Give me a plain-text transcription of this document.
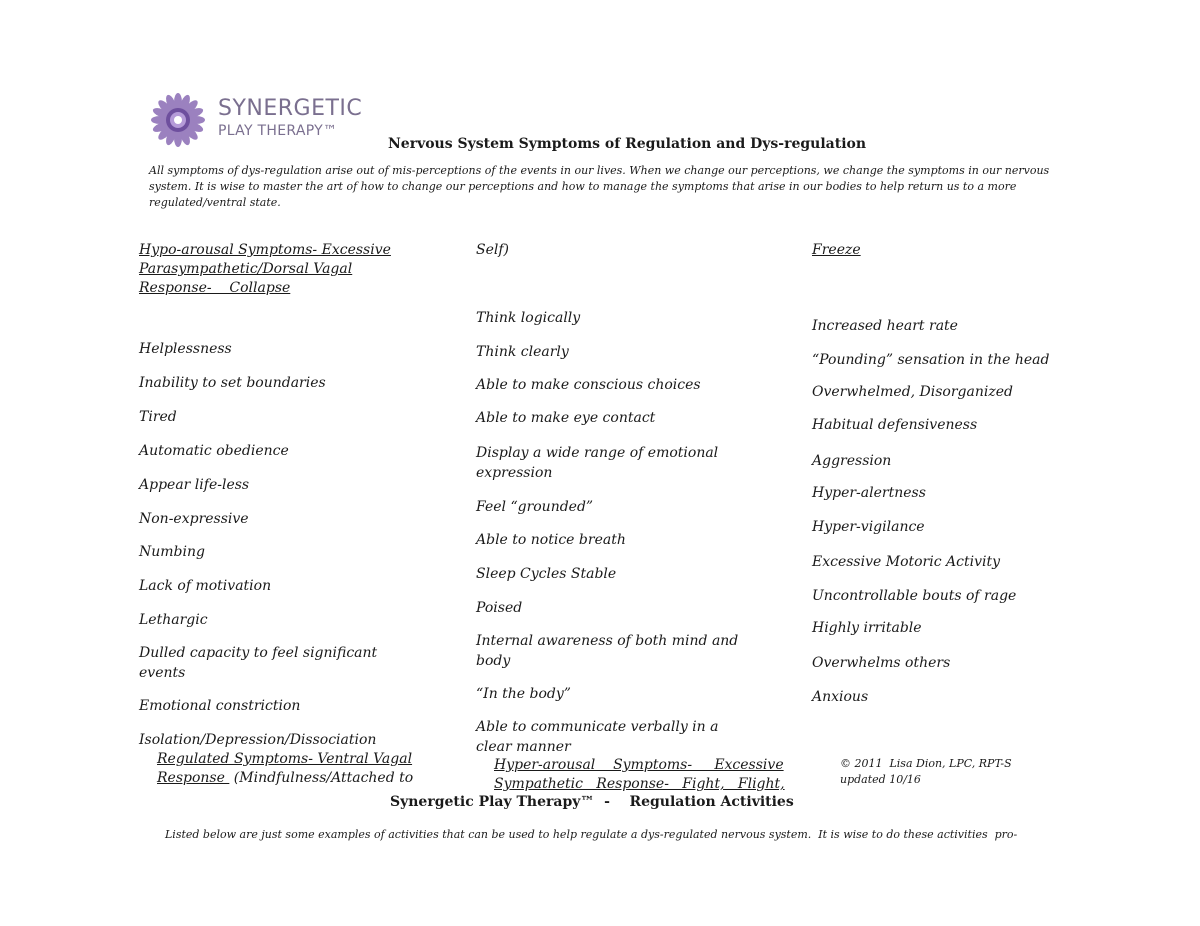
SYNERGETIC
PLAY THERAPY™
Nervous System Symptoms of Regulation and Dys-regulation
All symptoms of dys-regulation arise out of mis-perceptions of the events in our lives. When we change our perceptions, we change the symptoms in our nervous system. It is wise to master the art of how to change our perceptions and how to manage the symptoms that arise in our bodies to help return us to a more regulated/ventral state.
Hypo-arousal Symptoms- Excessive
Parasympathetic/Dorsal Vagal
Response-    Collapse
Helplessness
Inability to set boundaries
Tired
Automatic obedience
Appear life-less
Non-expressive
Numbing
Lack of motivation
Lethargic
Dulled capacity to feel significant events
Emotional constriction
Isolation/Depression/Dissociation
Regulated Symptoms- Ventral Vagal
Response  (Mindfulness/Attached to
Self)
Think logically
Think clearly
Able to make conscious choices
Able to make eye contact
Display a wide range of emotional expression
Feel “grounded”
Able to notice breath
Sleep Cycles Stable
Poised
Internal awareness of both mind and body
“In the body”
Able to communicate verbally in a clear manner
Hyper-arousal    Symptoms-     Excessive
Sympathetic   Response-   Fight,   Flight,
Freeze
Increased heart rate
“Pounding” sensation in the head
Overwhelmed, Disorganized
Habitual defensiveness
Aggression
Hyper-alertness
Hyper-vigilance
Excessive Motoric Activity
Uncontrollable bouts of rage
Highly irritable
Overwhelms others
Anxious
© 2011  Lisa Dion, LPC, RPT-S
updated 10/16
Synergetic Play Therapy™  -    Regulation Activities
Listed below are just some examples of activities that can be used to help regulate a dys-regulated nervous system.  It is wise to do these activities  pro-
